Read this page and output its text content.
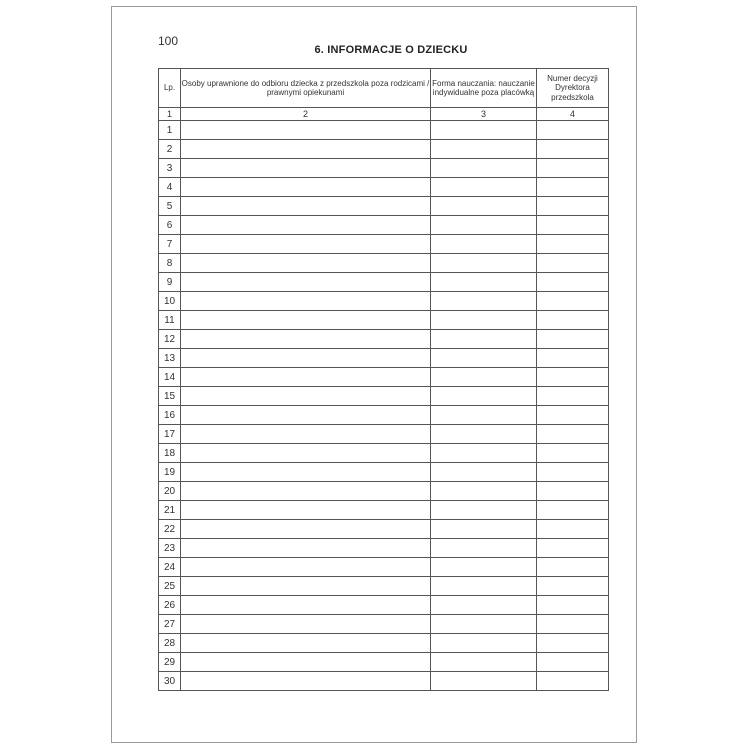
100
6. INFORMACJE O DZIECKU
Lp.	Osoby uprawnione do odbioru dziecka z przedszkola poza rodzicami / prawnymi opiekunami	Forma nauczania: nauczanie indywidualne poza placówką	Numer decyzji Dyrektora przedszkola
1	2	3	4
1			
2			
3			
4			
5			
6			
7			
8			
9			
10			
11			
12			
13			
14			
15			
16			
17			
18			
19			
20			
21			
22			
23			
24			
25			
26			
27			
28			
29			
30			
